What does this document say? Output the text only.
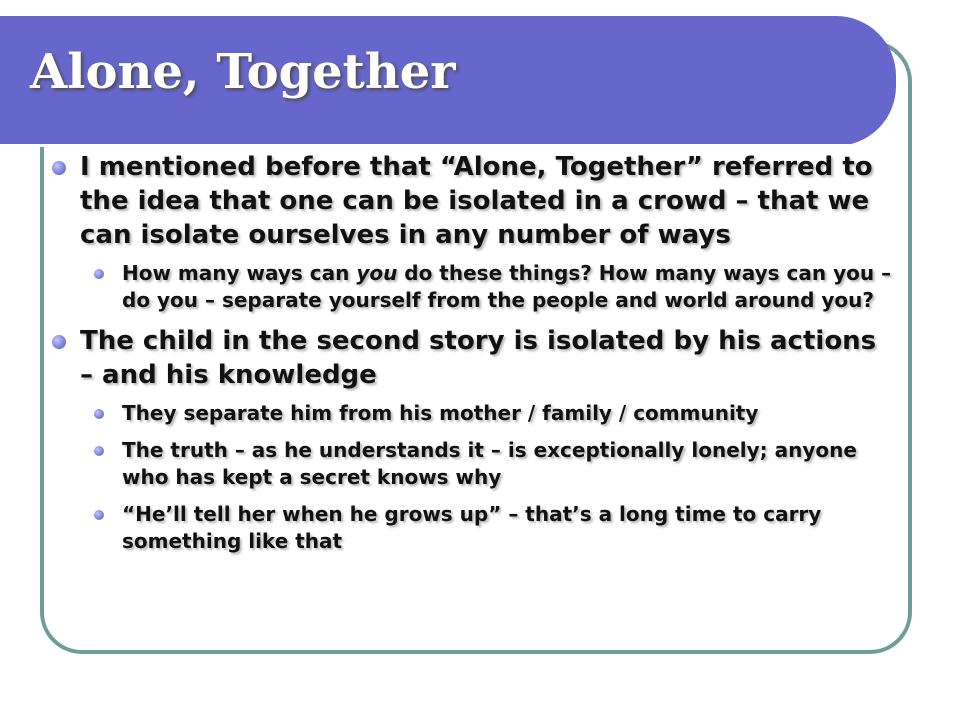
Alone, Together
I mentioned before that “Alone, Together” referred to the idea that one can be isolated in a crowd – that we can isolate ourselves in any number of ways
How many ways can you do these things? How many ways can you – do you – separate yourself from the people and world around you?
The child in the second story is isolated by his actions – and his knowledge
They separate him from his mother / family / community
The truth – as he understands it – is exceptionally lonely; anyone who has kept a secret knows why
“He’ll tell her when he grows up” – that’s a long time to carry something like that
